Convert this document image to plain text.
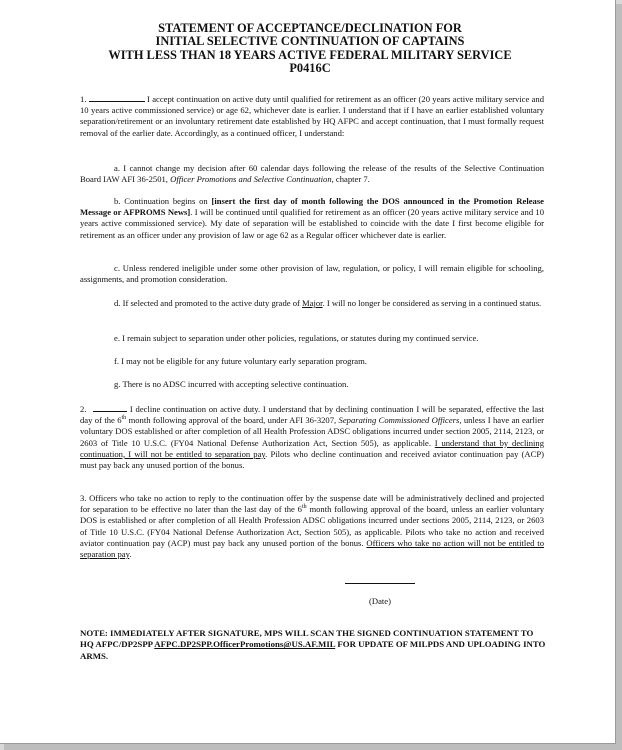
STATEMENT OF ACCEPTANCE/DECLINATION FOR
INITIAL SELECTIVE CONTINUATION OF CAPTAINS
WITH LESS THAN 18 YEARS ACTIVE FEDERAL MILITARY SERVICE
P0416C
1.	I accept continuation on active duty until qualified for retirement as an officer (20 years active military service and 10 years active commissioned service) or age 62, whichever date is earlier. I understand that if I have an earlier established voluntary separation/retirement or an involuntary retirement date established by HQ AFPC and accept continuation, that I must formally request removal of the earlier date. Accordingly, as a continued officer, I understand:
a. I cannot change my decision after 60 calendar days following the release of the results of the Selective Continuation Board IAW AFI 36-2501, Officer Promotions and Selective Continuation, chapter 7.
b. Continuation begins on [insert the first day of month following the DOS announced in the Promotion Release Message or AFPROMS News]. I will be continued until qualified for retirement as an officer (20 years active military service and 10 years active commissioned service). My date of separation will be established to coincide with the date I first become eligible for retirement as an officer under any provision of law or age 62 as a Regular officer whichever date is earlier.
c. Unless rendered ineligible under some other provision of law, regulation, or policy, I will remain eligible for schooling, assignments, and promotion consideration.
d. If selected and promoted to the active duty grade of Major. I will no longer be considered as serving in a continued status.
e. I remain subject to separation under other policies, regulations, or statutes during my continued service.
f. I may not be eligible for any future voluntary early separation program.
g. There is no ADSC incurred with accepting selective continuation.
2.	I decline continuation on active duty. I understand that by declining continuation I will be separated, effective the last day of the 6th month following approval of the board, under AFI 36-3207, Separating Commissioned Officers, unless I have an earlier voluntary DOS established or after completion of all Health Profession ADSC obligations incurred under section 2005, 2114, 2123, or 2603 of Title 10 U.S.C. (FY04 National Defense Authorization Act, Section 505), as applicable. I understand that by declining continuation, I will not be entitled to separation pay. Pilots who decline continuation and received aviator continuation pay (ACP) must pay back any unused portion of the bonus.
3. Officers who take no action to reply to the continuation offer by the suspense date will be administratively declined and projected for separation to be effective no later than the last day of the 6th month following approval of the board, unless an earlier voluntary DOS is established or after completion of all Health Profession ADSC obligations incurred under sections 2005, 2114, 2123, or 2603 of Title 10 U.S.C. (FY04 National Defense Authorization Act, Section 505), as applicable. Pilots who take no action and received aviator continuation pay (ACP) must pay back any unused portion of the bonus. Officers who take no action will not be entitled to separation pay.
(Date)
NOTE: IMMEDIATELY AFTER SIGNATURE, MPS WILL SCAN THE SIGNED CONTINUATION STATEMENT TO HQ AFPC/DP2SPP AFPC.DP2SPP.OfficerPromotions@US.AF.MIL FOR UPDATE OF MILPDS AND UPLOADING INTO ARMS.
